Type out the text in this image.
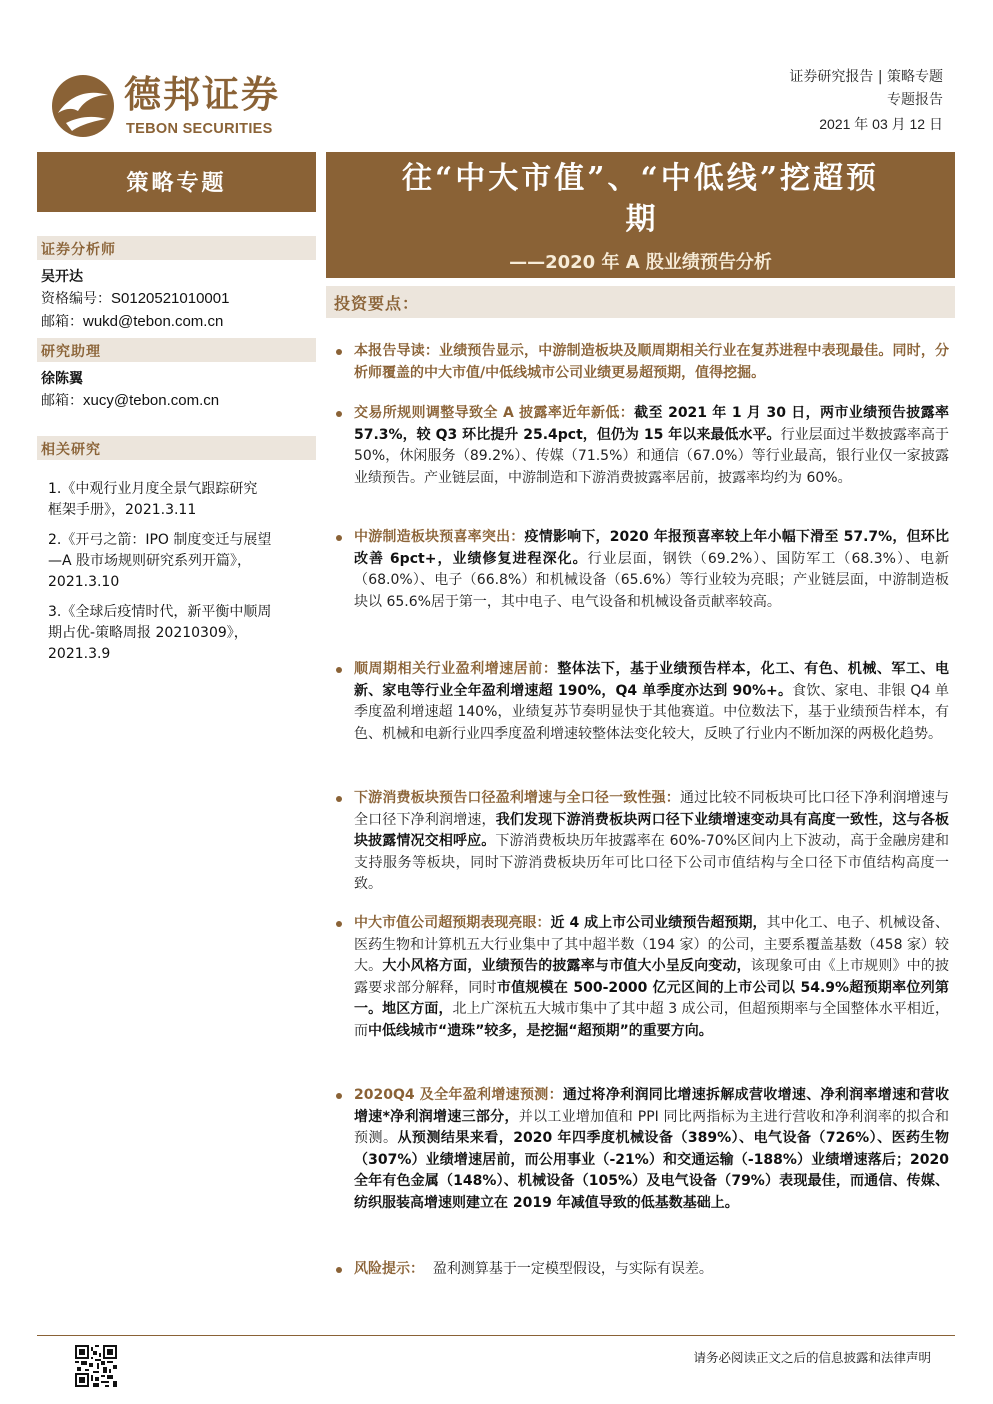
德邦证券
TEBON SECURITIES
证券研究报告 | 策略专题
专题报告
2021 年 03 月 12 日
策略专题	往“中大市值”、“中低线”挖超预
期
——2020 年 A 股业绩预告分析
投资要点：
证券分析师
吴开达
资格编号：S0120521010001
邮箱：wukd@tebon.com.cn
研究助理
徐陈翼
邮箱：xucy@tebon.com.cn
相关研究
1.《中观行业月度全景气跟踪研究
框架手册》，2021.3.11
2.《开弓之箭：IPO 制度变迁与展望
—A 股市场规则研究系列开篇》，
2021.3.10
3.《全球后疫情时代，新平衡中顺周
期占优-策略周报 20210309》，
2021.3.9
本报告导读：业绩预告显示，中游制造板块及顺周期相关行业在复苏进程中表现最佳。同时，分析师覆盖的中大市值/中低线城市公司业绩更易超预期，值得挖掘。
交易所规则调整导致全 A 披露率近年新低：截至 2021 年 1 月 30 日，两市业绩预告披露率 57.3%，较 Q3 环比提升 25.4pct，但仍为 15 年以来最低水平。行业层面过半数披露率高于 50%，休闲服务（89.2%）、传媒（71.5%）和通信（67.0%）等行业最高，银行业仅一家披露业绩预告。产业链层面，中游制造和下游消费披露率居前，披露率均约为 60%。
中游制造板块预喜率突出：疫情影响下，2020 年报预喜率较上年小幅下滑至 57.7%，但环比改善 6pct+，业绩修复进程深化。行业层面，钢铁（69.2%）、国防军工（68.3%）、电新（68.0%）、电子（66.8%）和机械设备（65.6%）等行业较为亮眼；产业链层面，中游制造板块以 65.6%居于第一，其中电子、电气设备和机械设备贡献率较高。
顺周期相关行业盈利增速居前：整体法下，基于业绩预告样本，化工、有色、机械、军工、电新、家电等行业全年盈利增速超 190%，Q4 单季度亦达到 90%+。食饮、家电、非银 Q4 单季度盈利增速超 140%，业绩复苏节奏明显快于其他赛道。中位数法下，基于业绩预告样本，有色、机械和电新行业四季度盈利增速较整体法变化较大，反映了行业内不断加深的两极化趋势。
下游消费板块预告口径盈利增速与全口径一致性强：通过比较不同板块可比口径下净利润增速与全口径下净利润增速，我们发现下游消费板块两口径下业绩增速变动具有高度一致性，这与各板块披露情况交相呼应。下游消费板块历年披露率在 60%-70%区间内上下波动，高于金融房建和支持服务等板块，同时下游消费板块历年可比口径下公司市值结构与全口径下市值结构高度一致。
中大市值公司超预期表现亮眼：近 4 成上市公司业绩预告超预期，其中化工、电子、机械设备、医药生物和计算机五大行业集中了其中超半数（194 家）的公司，主要系覆盖基数（458 家）较大。大小风格方面，业绩预告的披露率与市值大小呈反向变动，该现象可由《上市规则》中的披露要求部分解释，同时市值规模在 500-2000 亿元区间的上市公司以 54.9%超预期率位列第一。地区方面，北上广深杭五大城市集中了其中超 3 成公司，但超预期率与全国整体水平相近，而中低线城市“遗珠”较多，是挖掘“超预期”的重要方向。
2020Q4 及全年盈利增速预测：通过将净利润同比增速拆解成营收增速、净利润率增速和营收增速*净利润增速三部分，并以工业增加值和 PPI 同比两指标为主进行营收和净利润率的拟合和预测。从预测结果来看，2020 年四季度机械设备（389%）、电气设备（726%）、医药生物（307%）业绩增速居前，而公用事业（-21%）和交通运输（-188%）业绩增速落后；2020 全年有色金属（148%）、机械设备（105%）及电气设备（79%）表现最佳，而通信、传媒、纺织服装高增速则建立在 2019 年减值导致的低基数基础上。
风险提示： 盈利测算基于一定模型假设，与实际有误差。
请务必阅读正文之后的信息披露和法律声明
